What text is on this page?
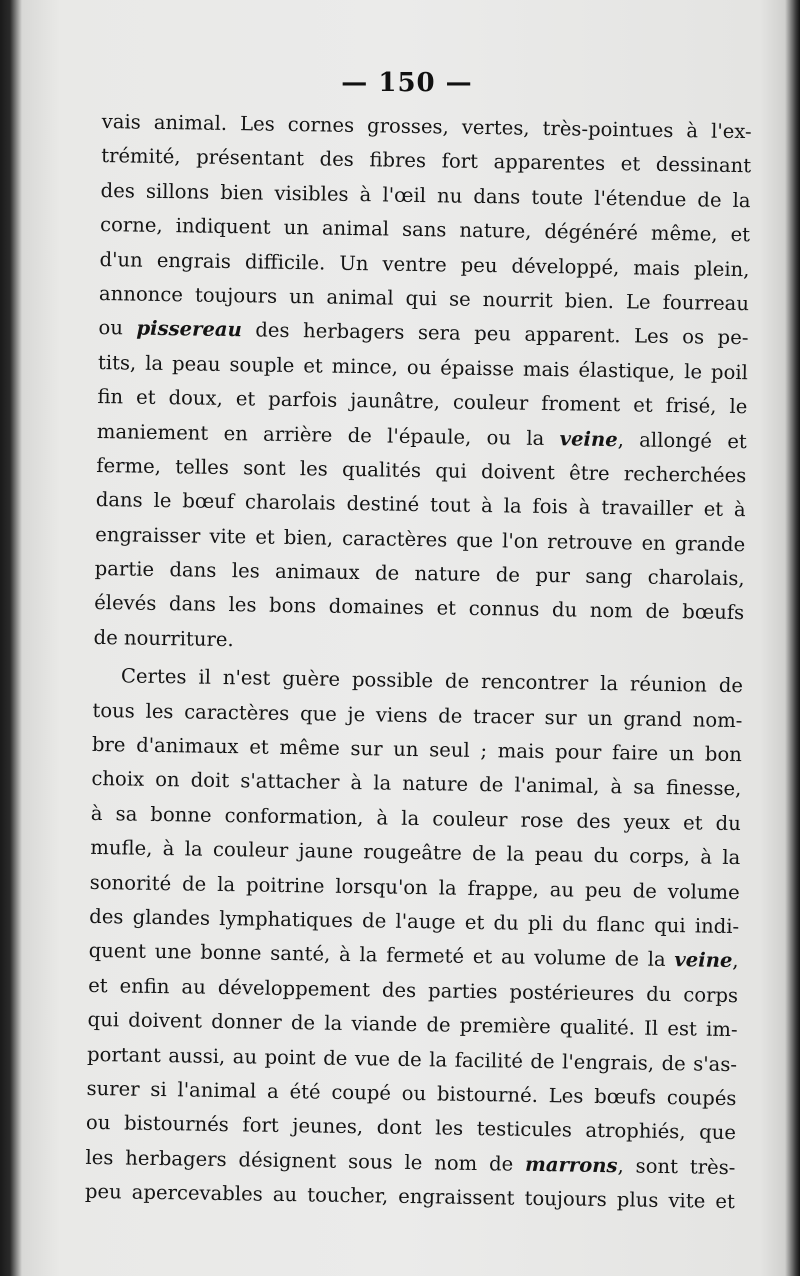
— 150 —
vais animal. Les cornes grosses, vertes, très-pointues à l'ex-
trémité, présentant des fibres fort apparentes et dessinant
des sillons bien visibles à l'œil nu dans toute l'étendue de la
corne, indiquent un animal sans nature, dégénéré même, et
d'un engrais difficile. Un ventre peu développé, mais plein,
annonce toujours un animal qui se nourrit bien. Le fourreau
ou pissereau des herbagers sera peu apparent. Les os pe-
tits, la peau souple et mince, ou épaisse mais élastique, le poil
fin et doux, et parfois jaunâtre, couleur froment et frisé, le
maniement en arrière de l'épaule, ou la veine, allongé et
ferme, telles sont les qualités qui doivent être recherchées
dans le bœuf charolais destiné tout à la fois à travailler et à
engraisser vite et bien, caractères que l'on retrouve en grande
partie dans les animaux de nature de pur sang charolais,
élevés dans les bons domaines et connus du nom de bœufs
de nourriture.
Certes il n'est guère possible de rencontrer la réunion de
tous les caractères que je viens de tracer sur un grand nom-
bre d'animaux et même sur un seul ; mais pour faire un bon
choix on doit s'attacher à la nature de l'animal, à sa finesse,
à sa bonne conformation, à la couleur rose des yeux et du
mufle, à la couleur jaune rougeâtre de la peau du corps, à la
sonorité de la poitrine lorsqu'on la frappe, au peu de volume
des glandes lymphatiques de l'auge et du pli du flanc qui indi-
quent une bonne santé, à la fermeté et au volume de la veine,
et enfin au développement des parties postérieures du corps
qui doivent donner de la viande de première qualité. Il est im-
portant aussi, au point de vue de la facilité de l'engrais, de s'as-
surer si l'animal a été coupé ou bistourné. Les bœufs coupés
ou bistournés fort jeunes, dont les testicules atrophiés, que
les herbagers désignent sous le nom de marrons, sont très-
peu apercevables au toucher, engraissent toujours plus vite et
